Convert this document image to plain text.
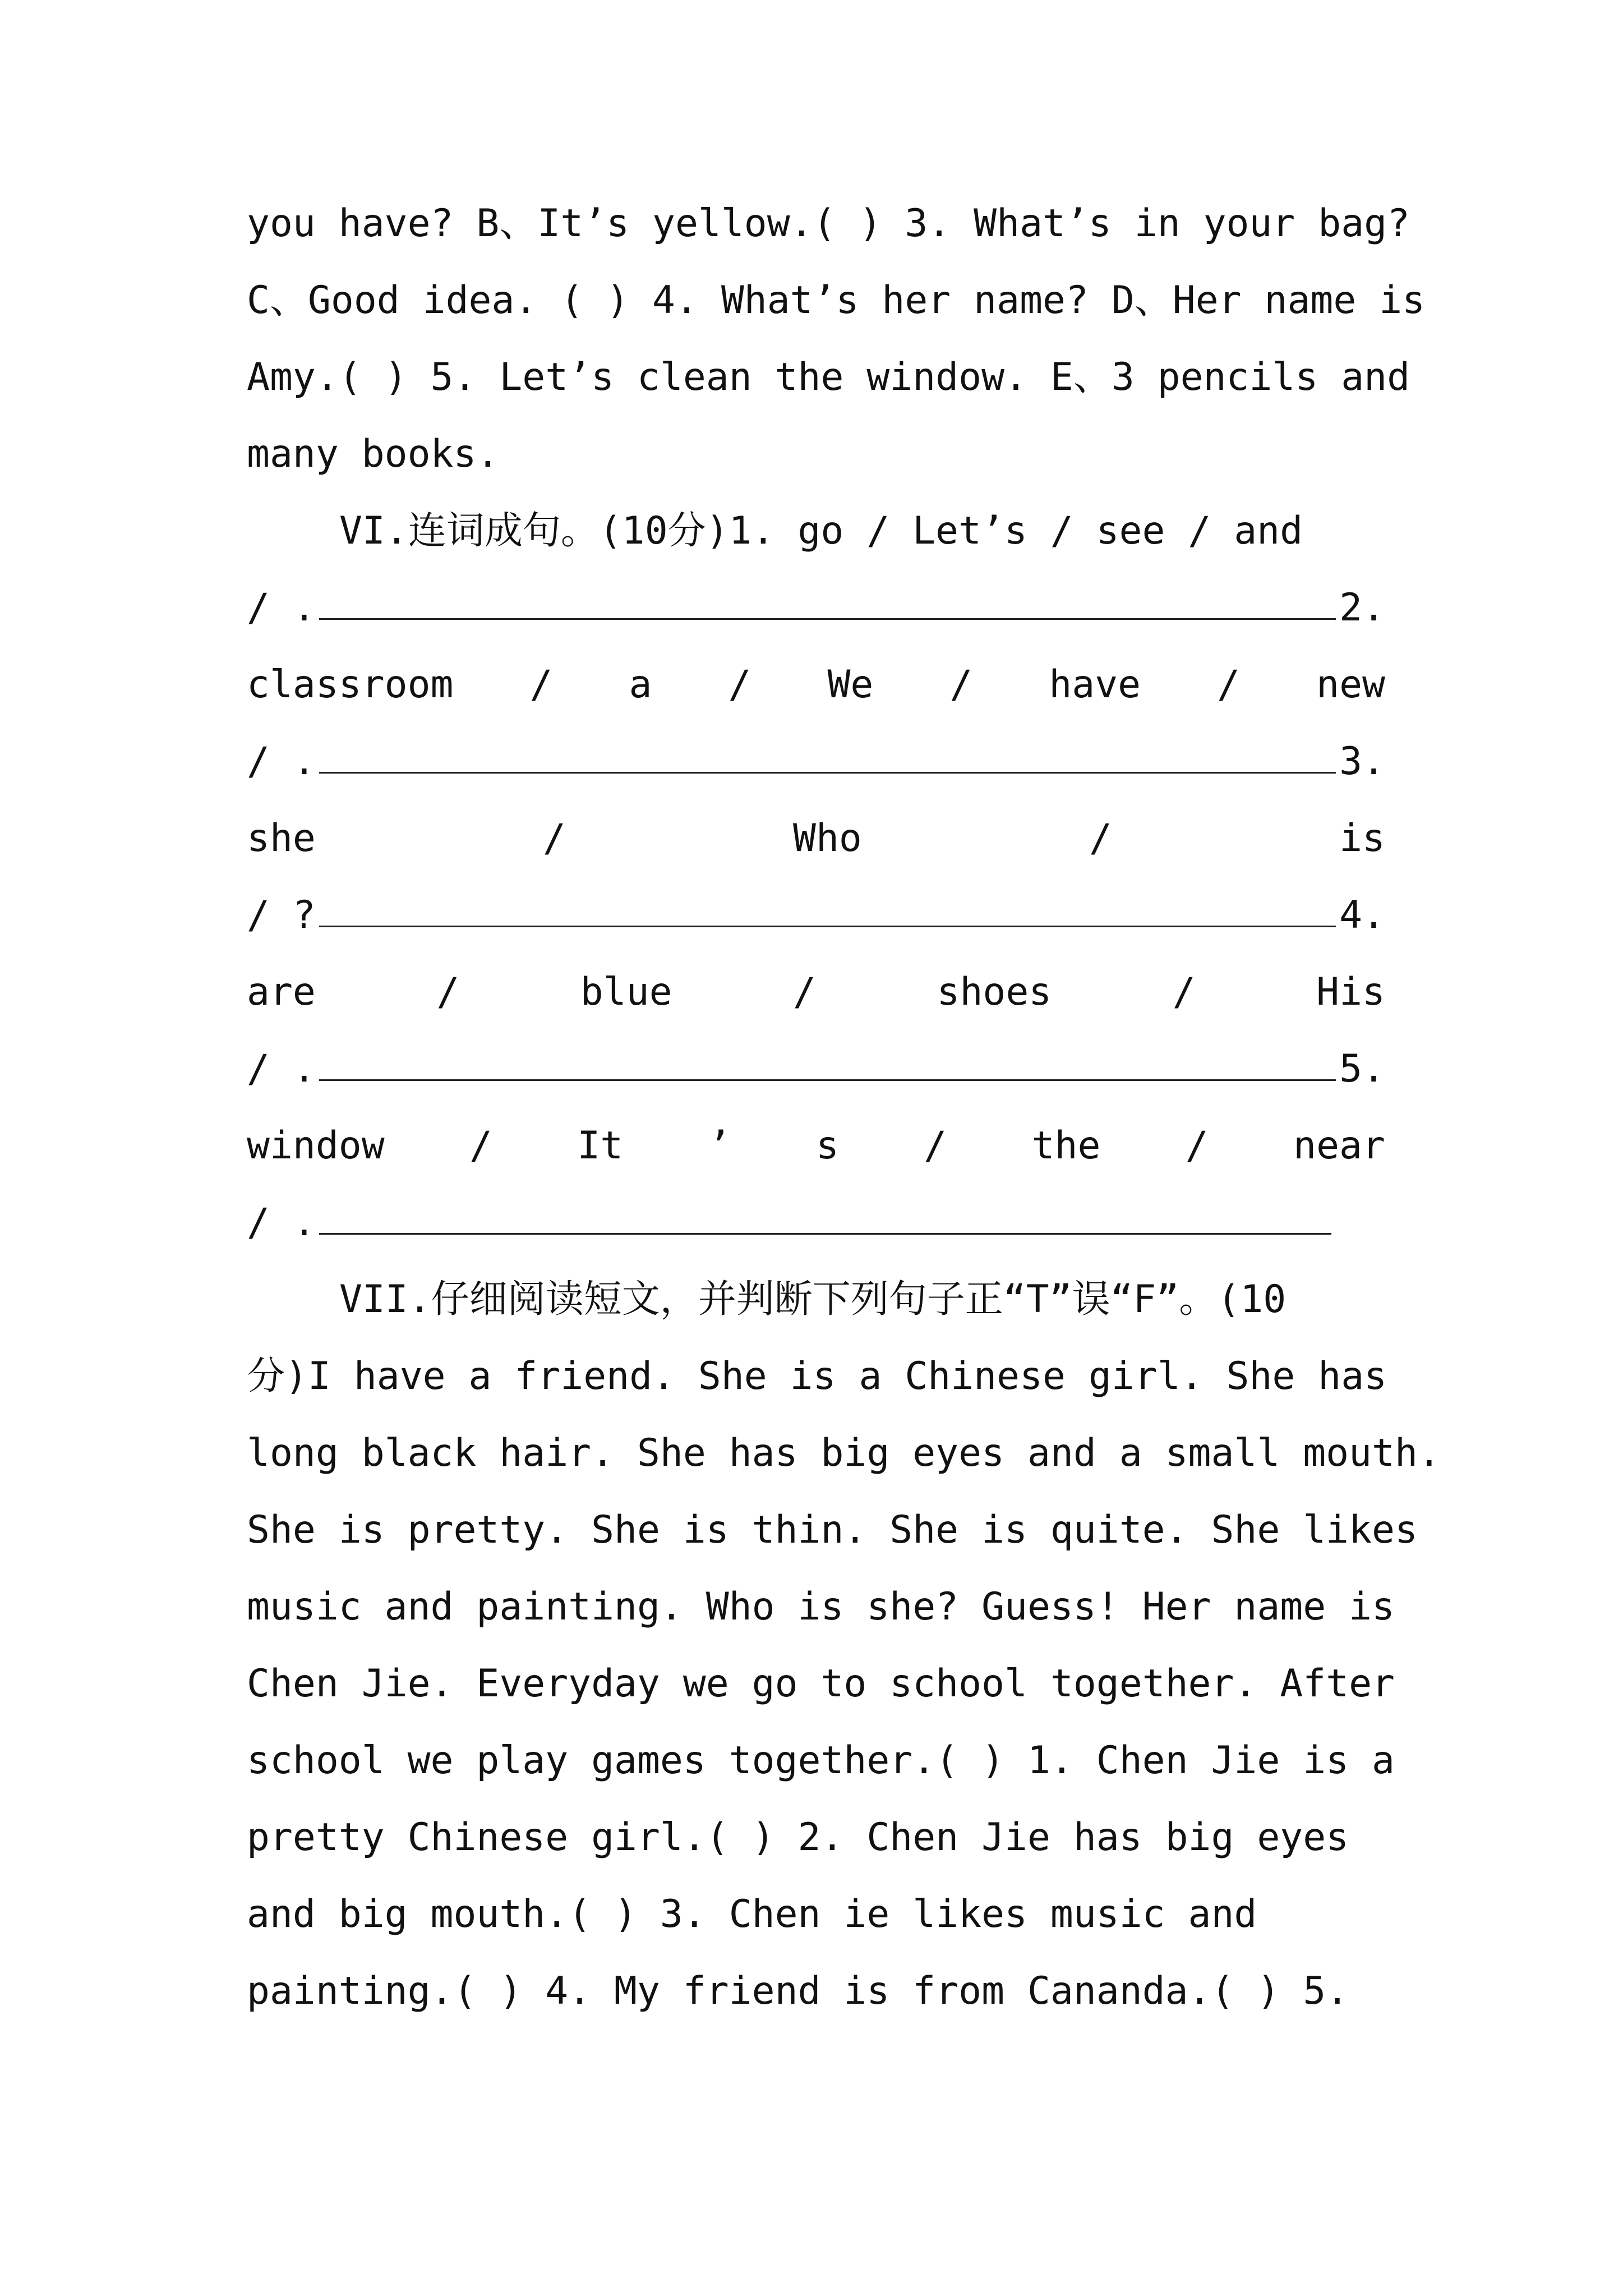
you have? B、It’s yellow.( ) 3. What’s in your bag?
C、Good idea. ( ) 4. What’s her name? D、Her name is
Amy.( ) 5. Let’s clean the window. E、3 pencils and
many books.
VI.连词成句。(10分)1. go / Let’s / see / and
/ .	2.
classroom / a / We / have / new
/ .	3.
she	/	Who	/	is
/ ?	4.
are	/	blue	/	shoes	/	His
/ .	5.
window / It ’ s / the / near
/ .
VII.仔细阅读短文，并判断下列句子正“T”误“F”。(10
分)I have a friend. She is a Chinese girl. She has
long black hair. She has big eyes and a small mouth.
She is pretty. She is thin. She is quite. She likes
music and painting. Who is she? Guess! Her name is
Chen Jie. Everyday we go to school together. After
school we play games together.( ) 1. Chen Jie is a
pretty Chinese girl.( ) 2. Chen Jie has big eyes
and big mouth.( ) 3. Chen ie likes music and
painting.( ) 4. My friend is from Cananda.( ) 5.
